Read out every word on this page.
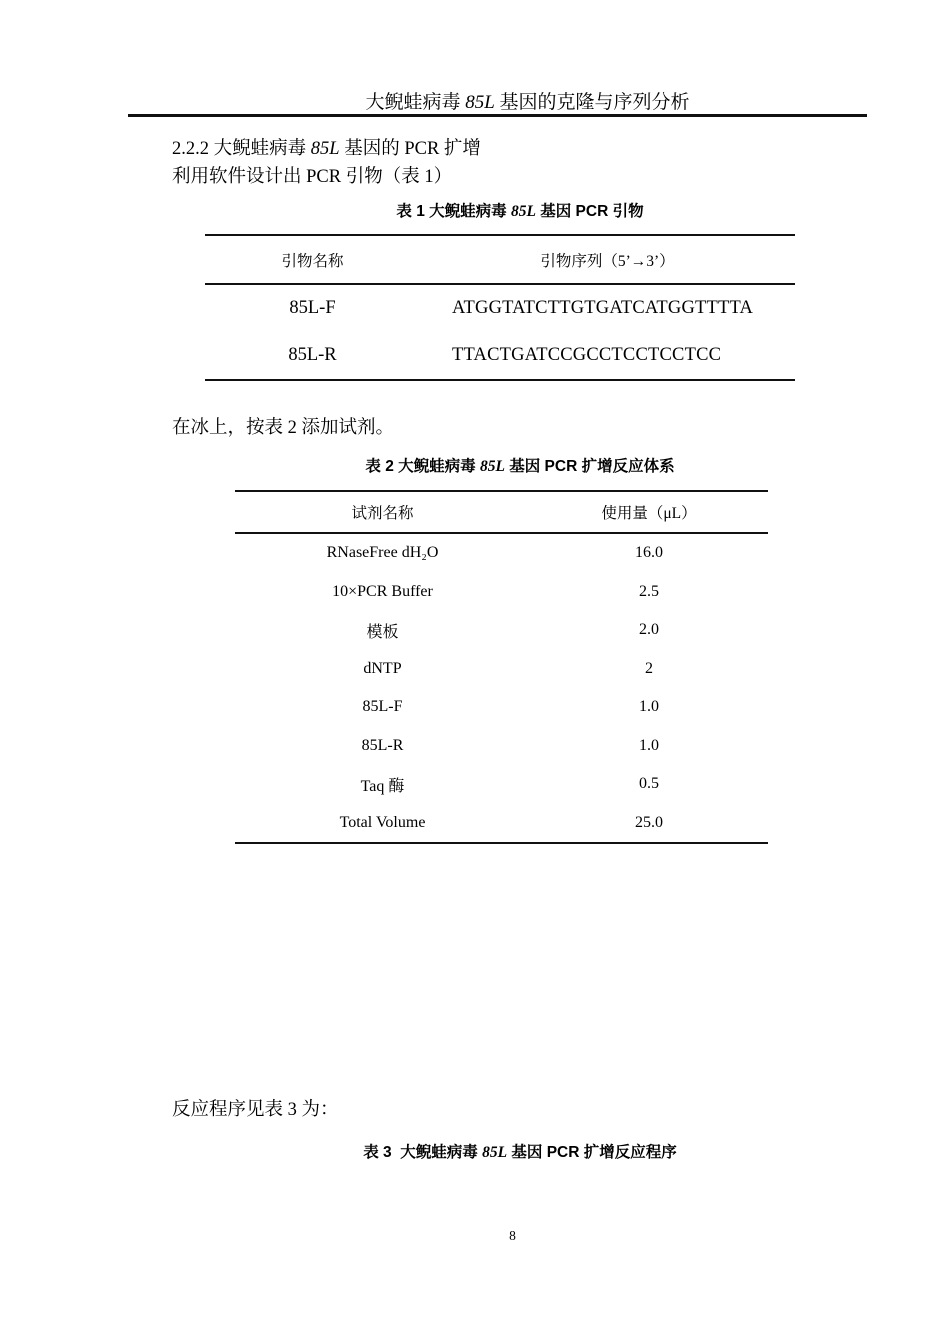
大鲵蛙病毒 85L 基因的克隆与序列分析
2.2.2 大鲵蛙病毒 85L 基因的 PCR 扩增
利用软件设计出 PCR 引物（表 1）
表 1 大鲵蛙病毒 85L 基因 PCR 引物
引物名称	引物序列（5’→3’）
85L-F	ATGGTATCTTGTGATCATGGTTTTA
85L-R	TTACTGATCCGCCTCCTCCTCC
在冰上，按表 2 添加试剂。
表 2 大鲵蛙病毒 85L 基因 PCR 扩增反应体系
试剂名称	使用量（μL）
RNaseFree dH₂O	16.0
10×PCR Buffer	2.5
模板	2.0
dNTP	2
85L-F	1.0
85L-R	1.0
Taq 酶	0.5
Total Volume	25.0
反应程序见表 3 为：
表 3  大鲵蛙病毒 85L 基因 PCR 扩增反应程序
8
